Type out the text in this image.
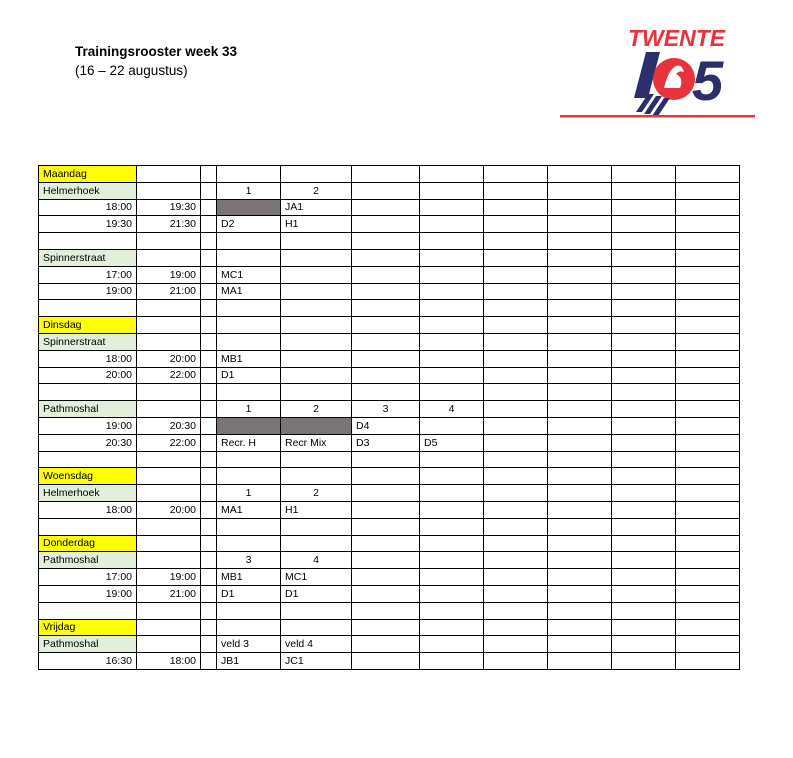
Trainingsrooster week 33
(16 – 22 augustus)
TWENTE
5
Maandag										
Helmerhoek			1	2						
18:00	19:30			JA1						
19:30	21:30		D2	H1						

Spinnerstraat										
17:00	19:00		MC1							
19:00	21:00		MA1							

Dinsdag										
Spinnerstraat										
18:00	20:00		MB1							
20:00	22:00		D1							

Pathmoshal			1	2	3	4				
19:00	20:30				D4					
20:30	22:00		Recr. H	Recr Mix	D3	D5				

Woensdag										
Helmerhoek			1	2						
18:00	20:00		MA1	H1						

Donderdag										
Pathmoshal			3	4						
17:00	19:00		MB1	MC1						
19:00	21:00		D1	D1						

Vrijdag										
Pathmoshal			veld 3	veld 4						
16:30	18:00		JB1	JC1						
